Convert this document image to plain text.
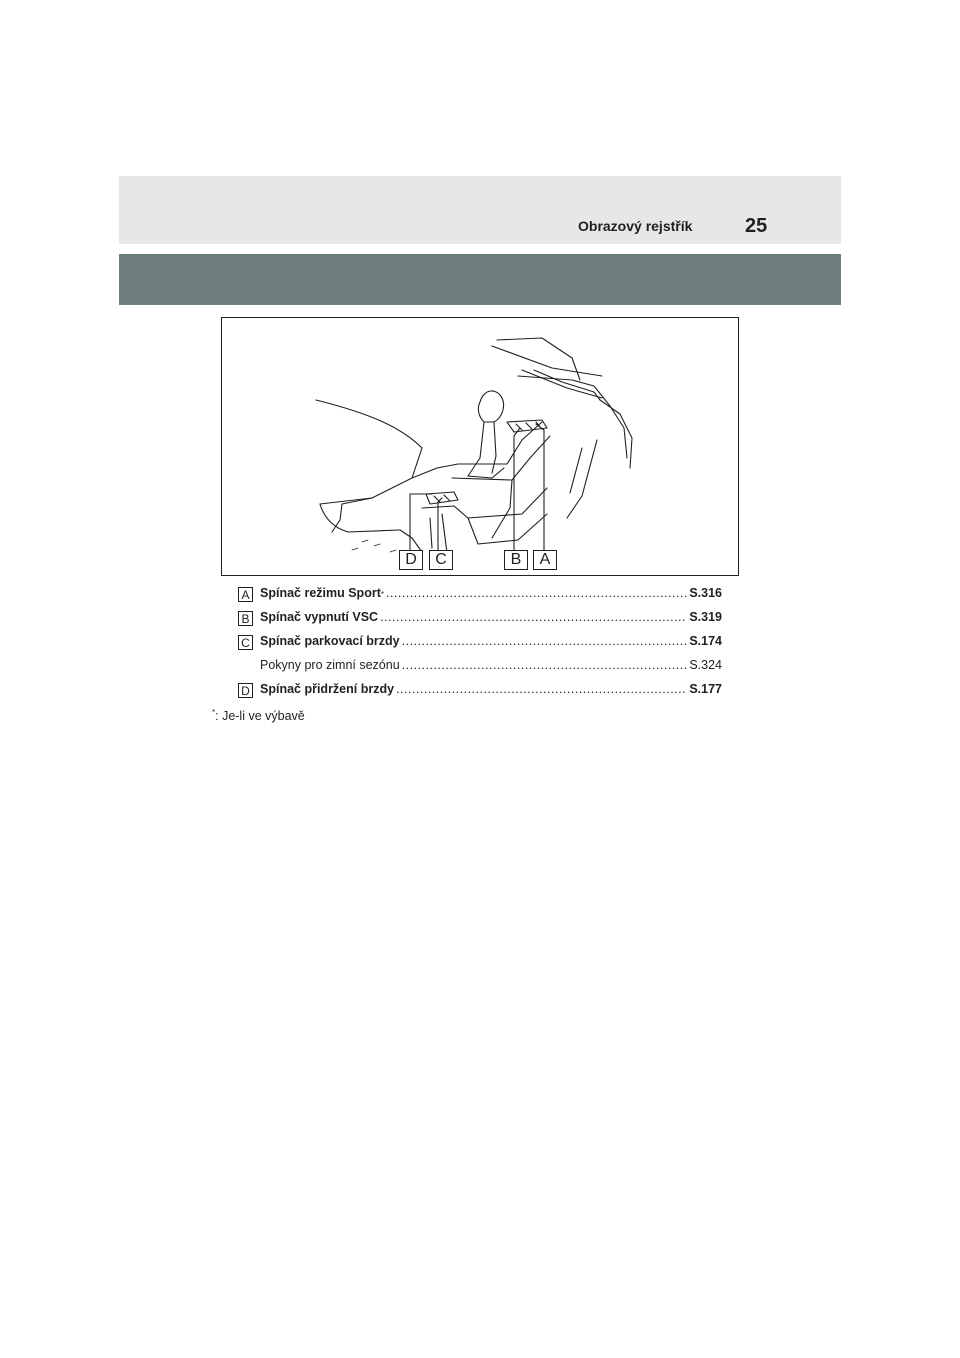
Obrazový rejstřík	25
D	C	B	A
A Spínač režimu Sport * .....	S.316
B Spínač vypnutí VSC .....	S.319
C Spínač parkovací brzdy .....	S.174
Pokyny pro zimní sezónu .....	S.324
D Spínač přidržení brzdy .....	S.177
*: Je-li ve výbavě
